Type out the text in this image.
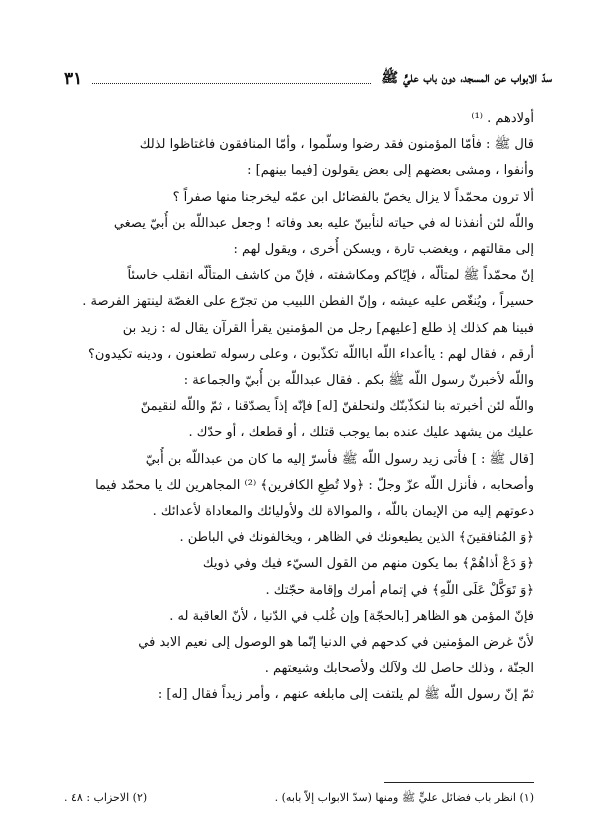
سدّ الابواب عن المسجد، دون باب عليٍّ ﷺ
٣١
أولادهم . ⁽¹⁾
قال ﷺ : فأمّا المؤمنون فقد رضوا وسلّموا ، وأمّا المنافقون فاغتاظوا لذلك
وأنفوا ، ومشى بعضهم إلى بعض يقولون [فيما بينهم] :
ألا ترون محمّداً لا يزال يخصّ بالفضائل ابن عمّه ليخرجنا منها صفراً ؟
واللّه لئن أنفذنا له في حياته لنأبينّ عليه بعد وفاته ! وجعل عبداللّه بن أُبيّ يصغي
إلى مقالتهم ، ويغضب تارة ، ويسكن أُخرى ، ويقول لهم :
إنّ محمّداً ﷺ لمتألّه ، فإيّاكم ومكاشفته ، فإنّ من كاشف المتألّه انقلب خاسئاً
حسيراً ، ويُنغّص عليه عيشه ، وإنّ الفطن اللبيب من تجرّع على الغصّة لينتهز الفرصة .
فبينا هم كذلك إذ طلع [عليهم] رجل من المؤمنين يقرأ القرآن يقال له : زيد بن
أرقم ، فقال لهم : ياأعداء اللّه ابااللّه تكذّبون ، وعلى رسوله تطعنون ، ودينه تكيدون؟
واللّه لأخبرنّ رسول اللّه ﷺ بكم . فقال عبداللّه بن أُبيّ والجماعة :
واللّه لئن أخبرته بنا لنكذّبنّك ولنحلفنّ [له] فإنّه إذاً يصدّقنا ، ثمّ واللّه لنقيمنّ
عليك من يشهد عليك عنده بما يوجب قتلك ، أو قطعك ، أو حدّك .
[قال ﷺ : ] فأتى زيد رسول اللّه ﷺ فأسرّ إليه ما كان من عبداللّه بن أُبيّ
وأصحابه ، فأنزل اللّه عزّ وجلّ : ﴿ولا تُطِعِ الكافرين﴾ ⁽²⁾ المجاهرين لك يا محمّد فيما
دعوتهم إليه من الإيمان باللّه ، والموالاة لك ولأوليائك والمعاداة لأعدائك .
﴿وَ المُنافقينَ﴾ الذين يطيعونك في الظاهر ، ويخالفونك في الباطن .
﴿وَ دَعْ أذاهُمْ﴾ بما يكون منهم من القول السيّء فيك وفي ذويك
﴿وَ تَوَكَّلْ عَلَى اللّهِ﴾ في إتمام أمرك وإقامة حجّتك .
فإنّ المؤمن هو الظاهر [بالحجّة] وإن غُلب في الدّنيا ، لأنّ العاقبة له .
لأنّ غرض المؤمنين في كدحهم في الدنيا إنّما هو الوصول إلى نعيم الابد في
الجنّة ، وذلك حاصل لك ولآلك ولأصحابك وشيعتهم .
ثمّ إنّ رسول اللّه ﷺ لم يلتفت إلى مابلغه عنهم ، وأمر زيداً فقال [له] :
(١) انظر باب فضائل عليٍّ ﷺ ومنها (سدّ الابواب إلاّ بابه) .
(٢) الاحزاب : ٤٨ .
